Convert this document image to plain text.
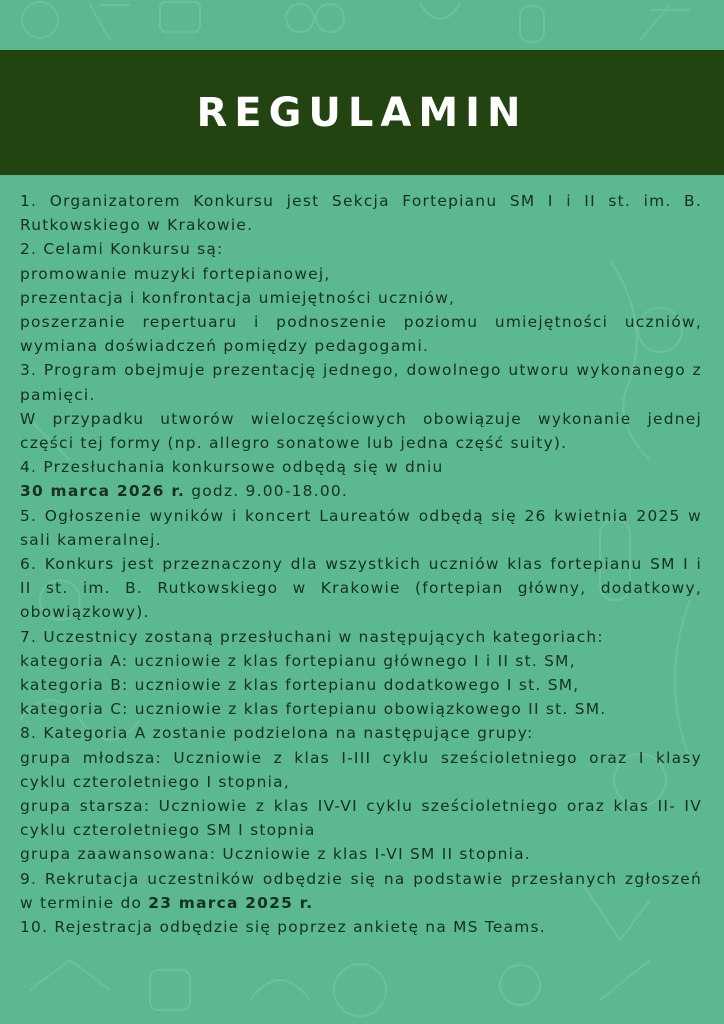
REGULAMIN

1. Organizatorem Konkursu jest Sekcja Fortepianu SM I i II st. im. B. Rutkowskiego w Krakowie.

2. Celami Konkursu są:

promowanie muzyki fortepianowej,

prezentacja i konfrontacja umiejętności uczniów,

poszerzanie repertuaru i podnoszenie poziomu umiejętności uczniów, wymiana doświadczeń pomiędzy pedagogami.

3. Program obejmuje prezentację jednego, dowolnego utworu wykonanego z pamięci.

W przypadku utworów wieloczęściowych obowiązuje wykonanie jednej części tej formy (np. allegro sonatowe lub jedna część suity).

4. Przesłuchania konkursowe odbędą się w dniu

30 marca 2026 r. godz. 9.00-18.00.

5. Ogłoszenie wyników i koncert Laureatów odbędą się 26 kwietnia 2025 w sali kameralnej.

6. Konkurs jest przeznaczony dla wszystkich uczniów klas fortepianu SM I i II st. im. B. Rutkowskiego w Krakowie (fortepian główny, dodatkowy, obowiązkowy).

7. Uczestnicy zostaną przesłuchani w następujących kategoriach:

kategoria A: uczniowie z klas fortepianu głównego I i II st. SM,

kategoria B: uczniowie z klas fortepianu dodatkowego I st. SM,

kategoria C: uczniowie z klas fortepianu obowiązkowego II st. SM.

8. Kategoria A zostanie podzielona na następujące grupy:

grupa młodsza: Uczniowie z klas I-III cyklu sześcioletniego oraz I klasy cyklu czteroletniego I stopnia,

grupa starsza: Uczniowie z klas IV-VI cyklu sześcioletniego oraz klas II- IV cyklu czteroletniego SM I stopnia

grupa zaawansowana: Uczniowie z klas I-VI SM II stopnia.

9. Rekrutacja uczestników odbędzie się na podstawie przesłanych zgłoszeń w terminie do 23 marca 2025 r.

10. Rejestracja odbędzie się poprzez ankietę na MS Teams.
